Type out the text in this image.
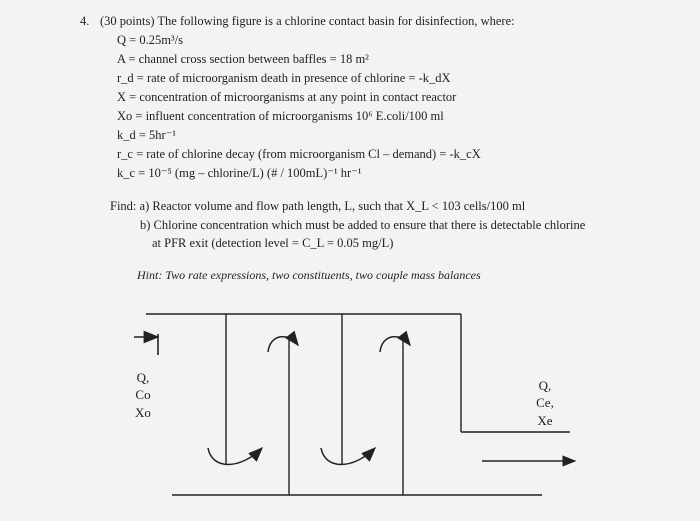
4. (30 points) The following figure is a chlorine contact basin for disinfection, where:
Q = 0.25m³/s
A = channel cross section between baffles = 18 m²
r_d = rate of microorganism death in presence of chlorine = -k_dX
X = concentration of microorganisms at any point in contact reactor
Xo = influent concentration of microorganisms 10⁶ E.coli/100 ml
k_d = 5hr⁻¹
r_c = rate of chlorine decay (from microorganism Cl – demand) = -k_cX
k_c = 10⁻⁵ (mg – chlorine/L) (# / 100mL)⁻¹ hr⁻¹
Find: a) Reactor volume and flow path length, L, such that X_L < 103 cells/100 ml
b) Chlorine concentration which must be added to ensure that there is detectable chlorine
at PFR exit (detection level = C_L = 0.05 mg/L)
Hint: Two rate expressions, two constituents, two couple mass balances
Q,
Co
Xo
Q,
Ce,
Xe
